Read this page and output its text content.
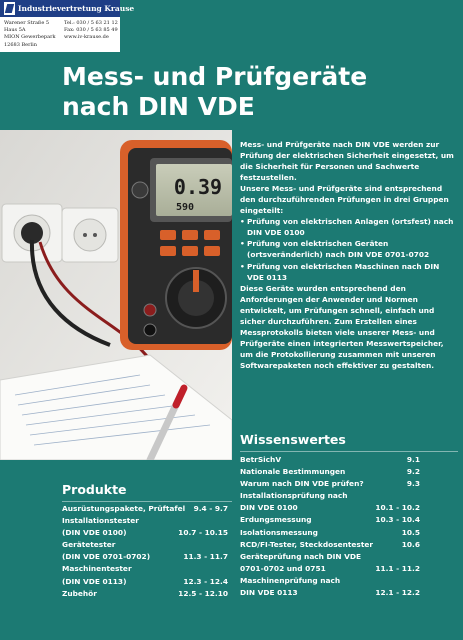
Industrievertretung Krause
Warener Straße 5
Haus 5A
MION Gewerbepark
12683 Berlin
Tel.: 030 / 5 63 21 12
Fax: 030 / 5 63 85 49
www.iv-krause.de
Mess- und Prüfgeräte
nach DIN VDE
0.39
590

Mess- und Prüfgeräte nach DIN VDE werden zur Prüfung der elektrischen Sicherheit eingesetzt, um die Sicherheit für Personen und Sachwerte festzustellen.

Unsere Mess- und Prüfgeräte sind entsprechend den durchzuführenden Prüfungen in drei Gruppen eingeteilt:

• Prüfung von elektrischen Anlagen (ortsfest) nach DIN VDE 0100
• Prüfung von elektrischen Geräten (ortsveränderlich) nach DIN VDE 0701-0702
• Prüfung von elektrischen Maschinen nach DIN VDE 0113

Diese Geräte wurden entsprechend den Anforderungen der Anwender und Normen entwickelt, um Prüfungen schnell, einfach und sicher durchzuführen. Zum Erstellen eines Messprotokolls bieten viele unserer Mess- und Prüfgeräte einen integrierten Messwertspeicher, um die Protokollierung zusammen mit unseren Softwarepaketen noch effektiver zu gestalten.

Wissenswertes
BetrSichV	9.1
Nationale Bestimmungen	9.2
Warum nach DIN VDE prüfen?	9.3
Installationsprüfung nach
DIN VDE 0100	10.1 - 10.2
Erdungsmessung	10.3 - 10.4
Isolationsmessung	10.5
RCD/FI-Tester, Steckdosentester	10.6
Geräteprüfung nach DIN VDE
0701-0702 und 0751	11.1 - 11.2
Maschinenprüfung nach
DIN VDE 0113	12.1 - 12.2
Produkte
Ausrüstungspakete, Prüftafel 9.4 - 9.7
Installationstester
(DIN VDE 0100)	10.7 - 10.15
Gerätetester
(DIN VDE 0701-0702)	11.3 - 11.7
Maschinentester
(DIN VDE 0113)	12.3 - 12.4
Zubehör	12.5 - 12.10
